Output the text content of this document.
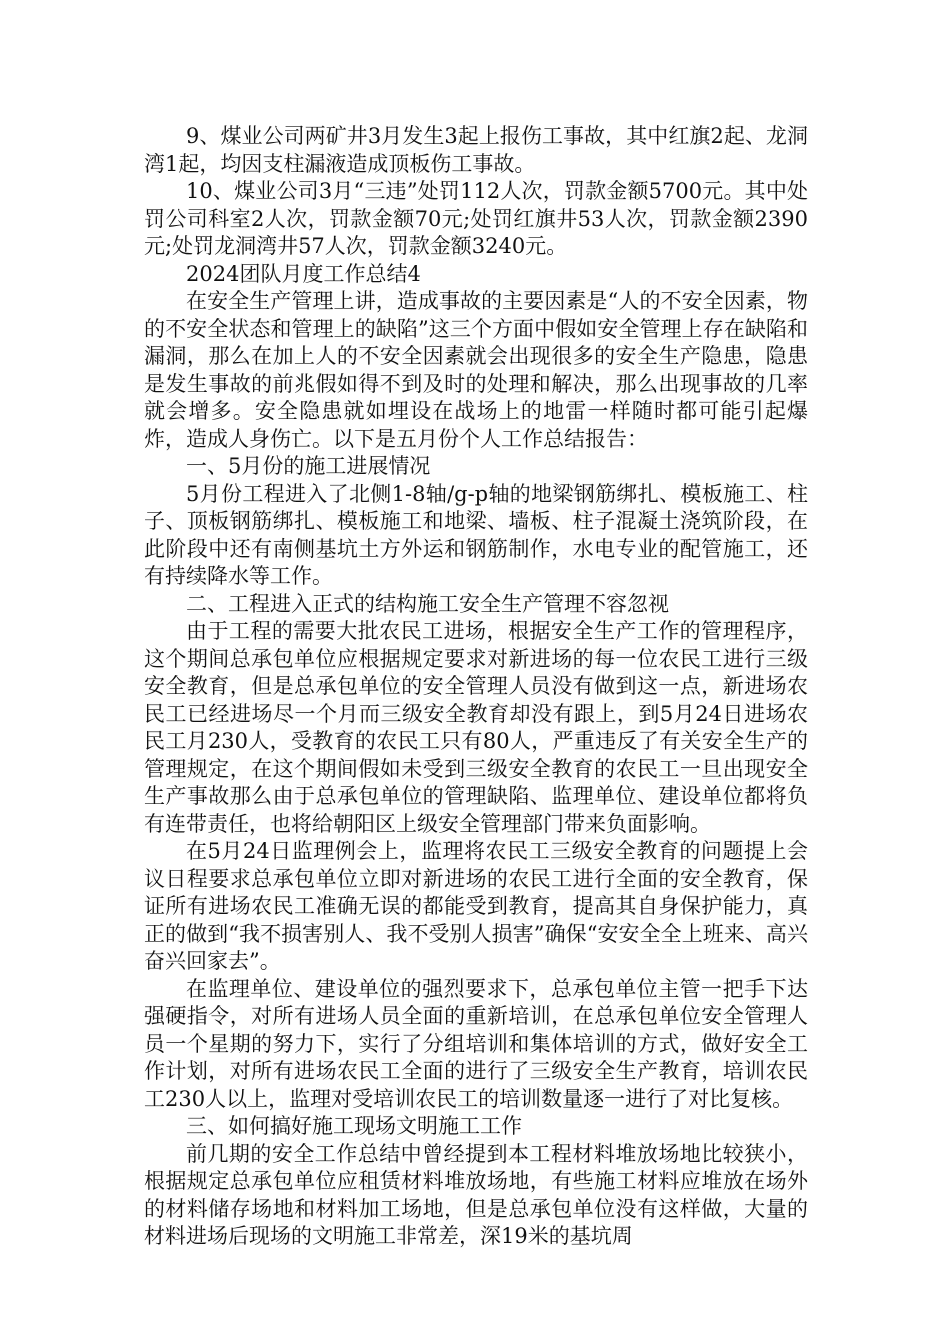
9、煤业公司两矿井3月发生3起上报伤工事故，其中红旗2起、龙洞湾1起，均因支柱漏液造成顶板伤工事故。

10、煤业公司3月“三违”处罚112人次，罚款金额5700元。其中处罚公司科室2人次，罚款金额70元;处罚红旗井53人次，罚款金额2390元;处罚龙洞湾井57人次，罚款金额3240元。

2024团队月度工作总结4

在安全生产管理上讲，造成事故的主要因素是“人的不安全因素，物的不安全状态和管理上的缺陷”这三个方面中假如安全管理上存在缺陷和漏洞，那么在加上人的不安全因素就会出现很多的安全生产隐患，隐患是发生事故的前兆假如得不到及时的处理和解决，那么出现事故的几率就会增多。安全隐患就如埋设在战场上的地雷一样随时都可能引起爆炸，造成人身伤亡。以下是五月份个人工作总结报告：

一、5月份的施工进展情况

5月份工程进入了北侧1-8轴/g-p轴的地梁钢筋绑扎、模板施工、柱子、顶板钢筋绑扎、模板施工和地梁、墙板、柱子混凝土浇筑阶段，在此阶段中还有南侧基坑土方外运和钢筋制作，水电专业的配管施工，还有持续降水等工作。

二、工程进入正式的结构施工安全生产管理不容忽视

由于工程的需要大批农民工进场，根据安全生产工作的管理程序，这个期间总承包单位应根据规定要求对新进场的每一位农民工进行三级安全教育，但是总承包单位的安全管理人员没有做到这一点，新进场农民工已经进场尽一个月而三级安全教育却没有跟上，到5月24日进场农民工月230人，受教育的农民工只有80人，严重违反了有关安全生产的管理规定，在这个期间假如未受到三级安全教育的农民工一旦出现安全生产事故那么由于总承包单位的管理缺陷、监理单位、建设单位都将负有连带责任，也将给朝阳区上级安全管理部门带来负面影响。

在5月24日监理例会上，监理将农民工三级安全教育的问题提上会议日程要求总承包单位立即对新进场的农民工进行全面的安全教育，保证所有进场农民工准确无误的都能受到教育，提高其自身保护能力，真正的做到“我不损害别人、我不受别人损害”确保“安安全全上班来、高兴奋兴回家去”。

在监理单位、建设单位的强烈要求下，总承包单位主管一把手下达强硬指令，对所有进场人员全面的重新培训，在总承包单位安全管理人员一个星期的努力下，实行了分组培训和集体培训的方式，做好安全工作计划，对所有进场农民工全面的进行了三级安全生产教育，培训农民工230人以上，监理对受培训农民工的培训数量逐一进行了对比复核。

三、如何搞好施工现场文明施工工作

前几期的安全工作总结中曾经提到本工程材料堆放场地比较狭小，根据规定总承包单位应租赁材料堆放场地，有些施工材料应堆放在场外的材料储存场地和材料加工场地，但是总承包单位没有这样做，大量的材料进场后现场的文明施工非常差，深19米的基坑周
